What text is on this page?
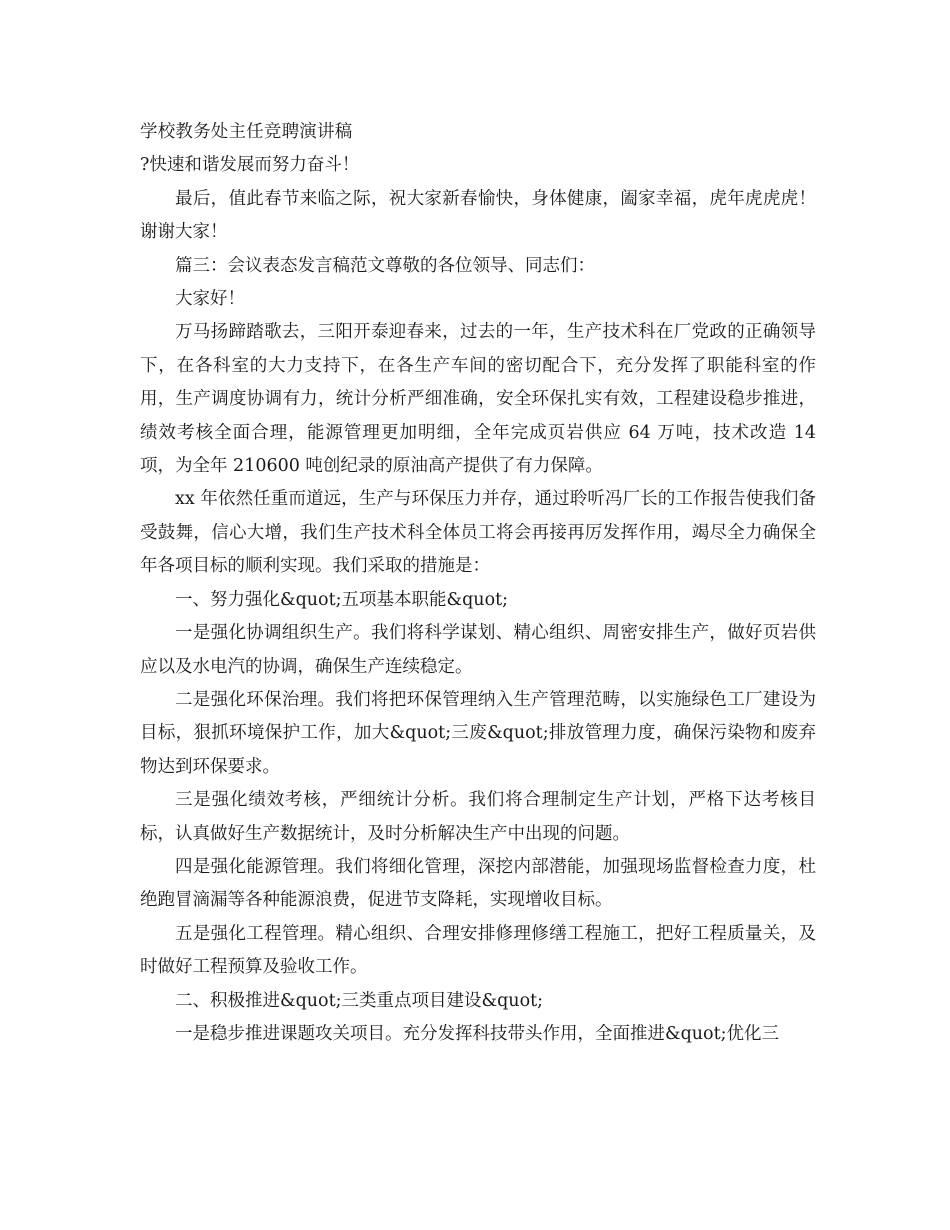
学校教务处主任竞聘演讲稿

?快速和谐发展而努力奋斗！

最后，值此春节来临之际，祝大家新春愉快，身体健康，阖家幸福，虎年虎虎虎！谢谢大家！

篇三：会议表态发言稿范文尊敬的各位领导、同志们：

大家好！

万马扬蹄踏歌去，三阳开泰迎春来，过去的一年，生产技术科在厂党政的正确领导下，在各科室的大力支持下，在各生产车间的密切配合下，充分发挥了职能科室的作用，生产调度协调有力，统计分析严细准确，安全环保扎实有效，工程建设稳步推进，绩效考核全面合理，能源管理更加明细，全年完成页岩供应 64 万吨，技术改造 14 项，为全年 210600 吨创纪录的原油高产提供了有力保障。

xx 年依然任重而道远，生产与环保压力并存，通过聆听冯厂长的工作报告使我们备受鼓舞，信心大增，我们生产技术科全体员工将会再接再厉发挥作用，竭尽全力确保全年各项目标的顺利实现。我们采取的措施是：

一、努力强化&quot;五项基本职能&quot;

一是强化协调组织生产。我们将科学谋划、精心组织、周密安排生产，做好页岩供应以及水电汽的协调，确保生产连续稳定。

二是强化环保治理。我们将把环保管理纳入生产管理范畴，以实施绿色工厂建设为目标，狠抓环境保护工作，加大&quot;三废&quot;排放管理力度，确保污染物和废弃物达到环保要求。

三是强化绩效考核，严细统计分析。我们将合理制定生产计划，严格下达考核目标，认真做好生产数据统计，及时分析解决生产中出现的问题。

四是强化能源管理。我们将细化管理，深挖内部潜能，加强现场监督检查力度，杜绝跑冒滴漏等各种能源浪费，促进节支降耗，实现增收目标。

五是强化工程管理。精心组织、合理安排修理修缮工程施工，把好工程质量关，及时做好工程预算及验收工作。

二、积极推进&quot;三类重点项目建设&quot;

一是稳步推进课题攻关项目。充分发挥科技带头作用，全面推进&quot;优化三
